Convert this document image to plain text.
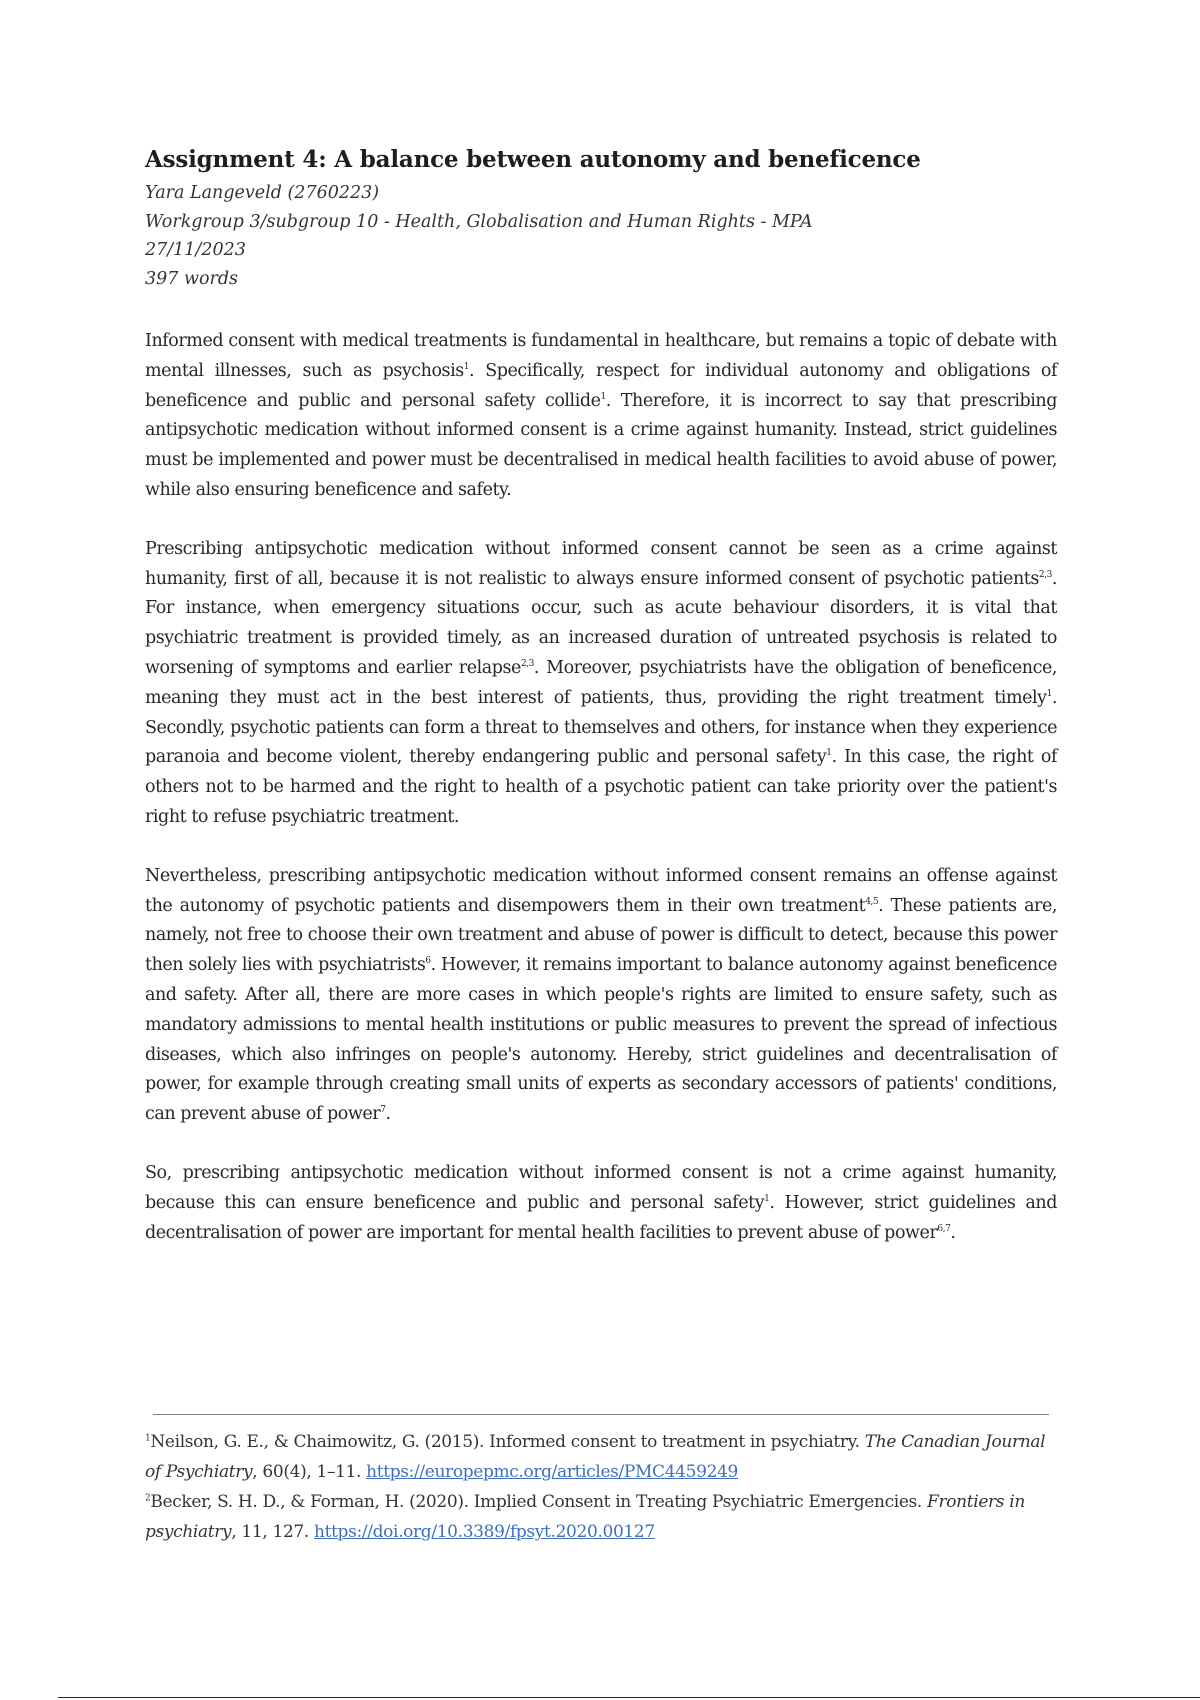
Assignment 4: A balance between autonomy and beneficence
Yara Langeveld (2760223)
Workgroup 3/subgroup 10 - Health, Globalisation and Human Rights - MPA
27/11/2023
397 words

Informed consent with medical treatments is fundamental in healthcare, but remains a topic of debate with mental illnesses, such as psychosis$^1$. Specifically, respect for individual autonomy and obligations of beneficence and public and personal safety collide$^1$. Therefore, it is incorrect to say that prescribing antipsychotic medication without informed consent is a crime against humanity. Instead, strict guidelines must be implemented and power must be decentralised in medical health facilities to avoid abuse of power, while also ensuring beneficence and safety.

Prescribing antipsychotic medication without informed consent cannot be seen as a crime against humanity, first of all, because it is not realistic to always ensure informed consent of psychotic patients$^{2,3}$. For instance, when emergency situations occur, such as acute behaviour disorders, it is vital that psychiatric treatment is provided timely, as an increased duration of untreated psychosis is related to worsening of symptoms and earlier relapse$^{2,3}$. Moreover, psychiatrists have the obligation of beneficence, meaning they must act in the best interest of patients, thus, providing the right treatment timely$^1$. Secondly, psychotic patients can form a threat to themselves and others, for instance when they experience paranoia and become violent, thereby endangering public and personal safety$^1$. In this case, the right of others not to be harmed and the right to health of a psychotic patient can take priority over the patient's right to refuse psychiatric treatment.

Nevertheless, prescribing antipsychotic medication without informed consent remains an offense against the autonomy of psychotic patients and disempowers them in their own treatment$^{4,5}$. These patients are, namely, not free to choose their own treatment and abuse of power is difficult to detect, because this power then solely lies with psychiatrists$^6$. However, it remains important to balance autonomy against beneficence and safety. After all, there are more cases in which people's rights are limited to ensure safety, such as mandatory admissions to mental health institutions or public measures to prevent the spread of infectious diseases, which also infringes on people's autonomy. Hereby, strict guidelines and decentralisation of power, for example through creating small units of experts as secondary accessors of patients' conditions, can prevent abuse of power$^7$.

So, prescribing antipsychotic medication without informed consent is not a crime against humanity, because this can ensure beneficence and public and personal safety$^1$. However, strict guidelines and decentralisation of power are important for mental health facilities to prevent abuse of power$^{6,7}$.

$^1$Neilson, G. E., & Chaimowitz, G. (2015). Informed consent to treatment in psychiatry. The Canadian Journal of Psychiatry, 60(4), 1–11. https://europepmc.org/articles/PMC4459249
$^2$Becker, S. H. D., & Forman, H. (2020). Implied Consent in Treating Psychiatric Emergencies. Frontiers in psychiatry, 11, 127. https://doi.org/10.3389/fpsyt.2020.00127
